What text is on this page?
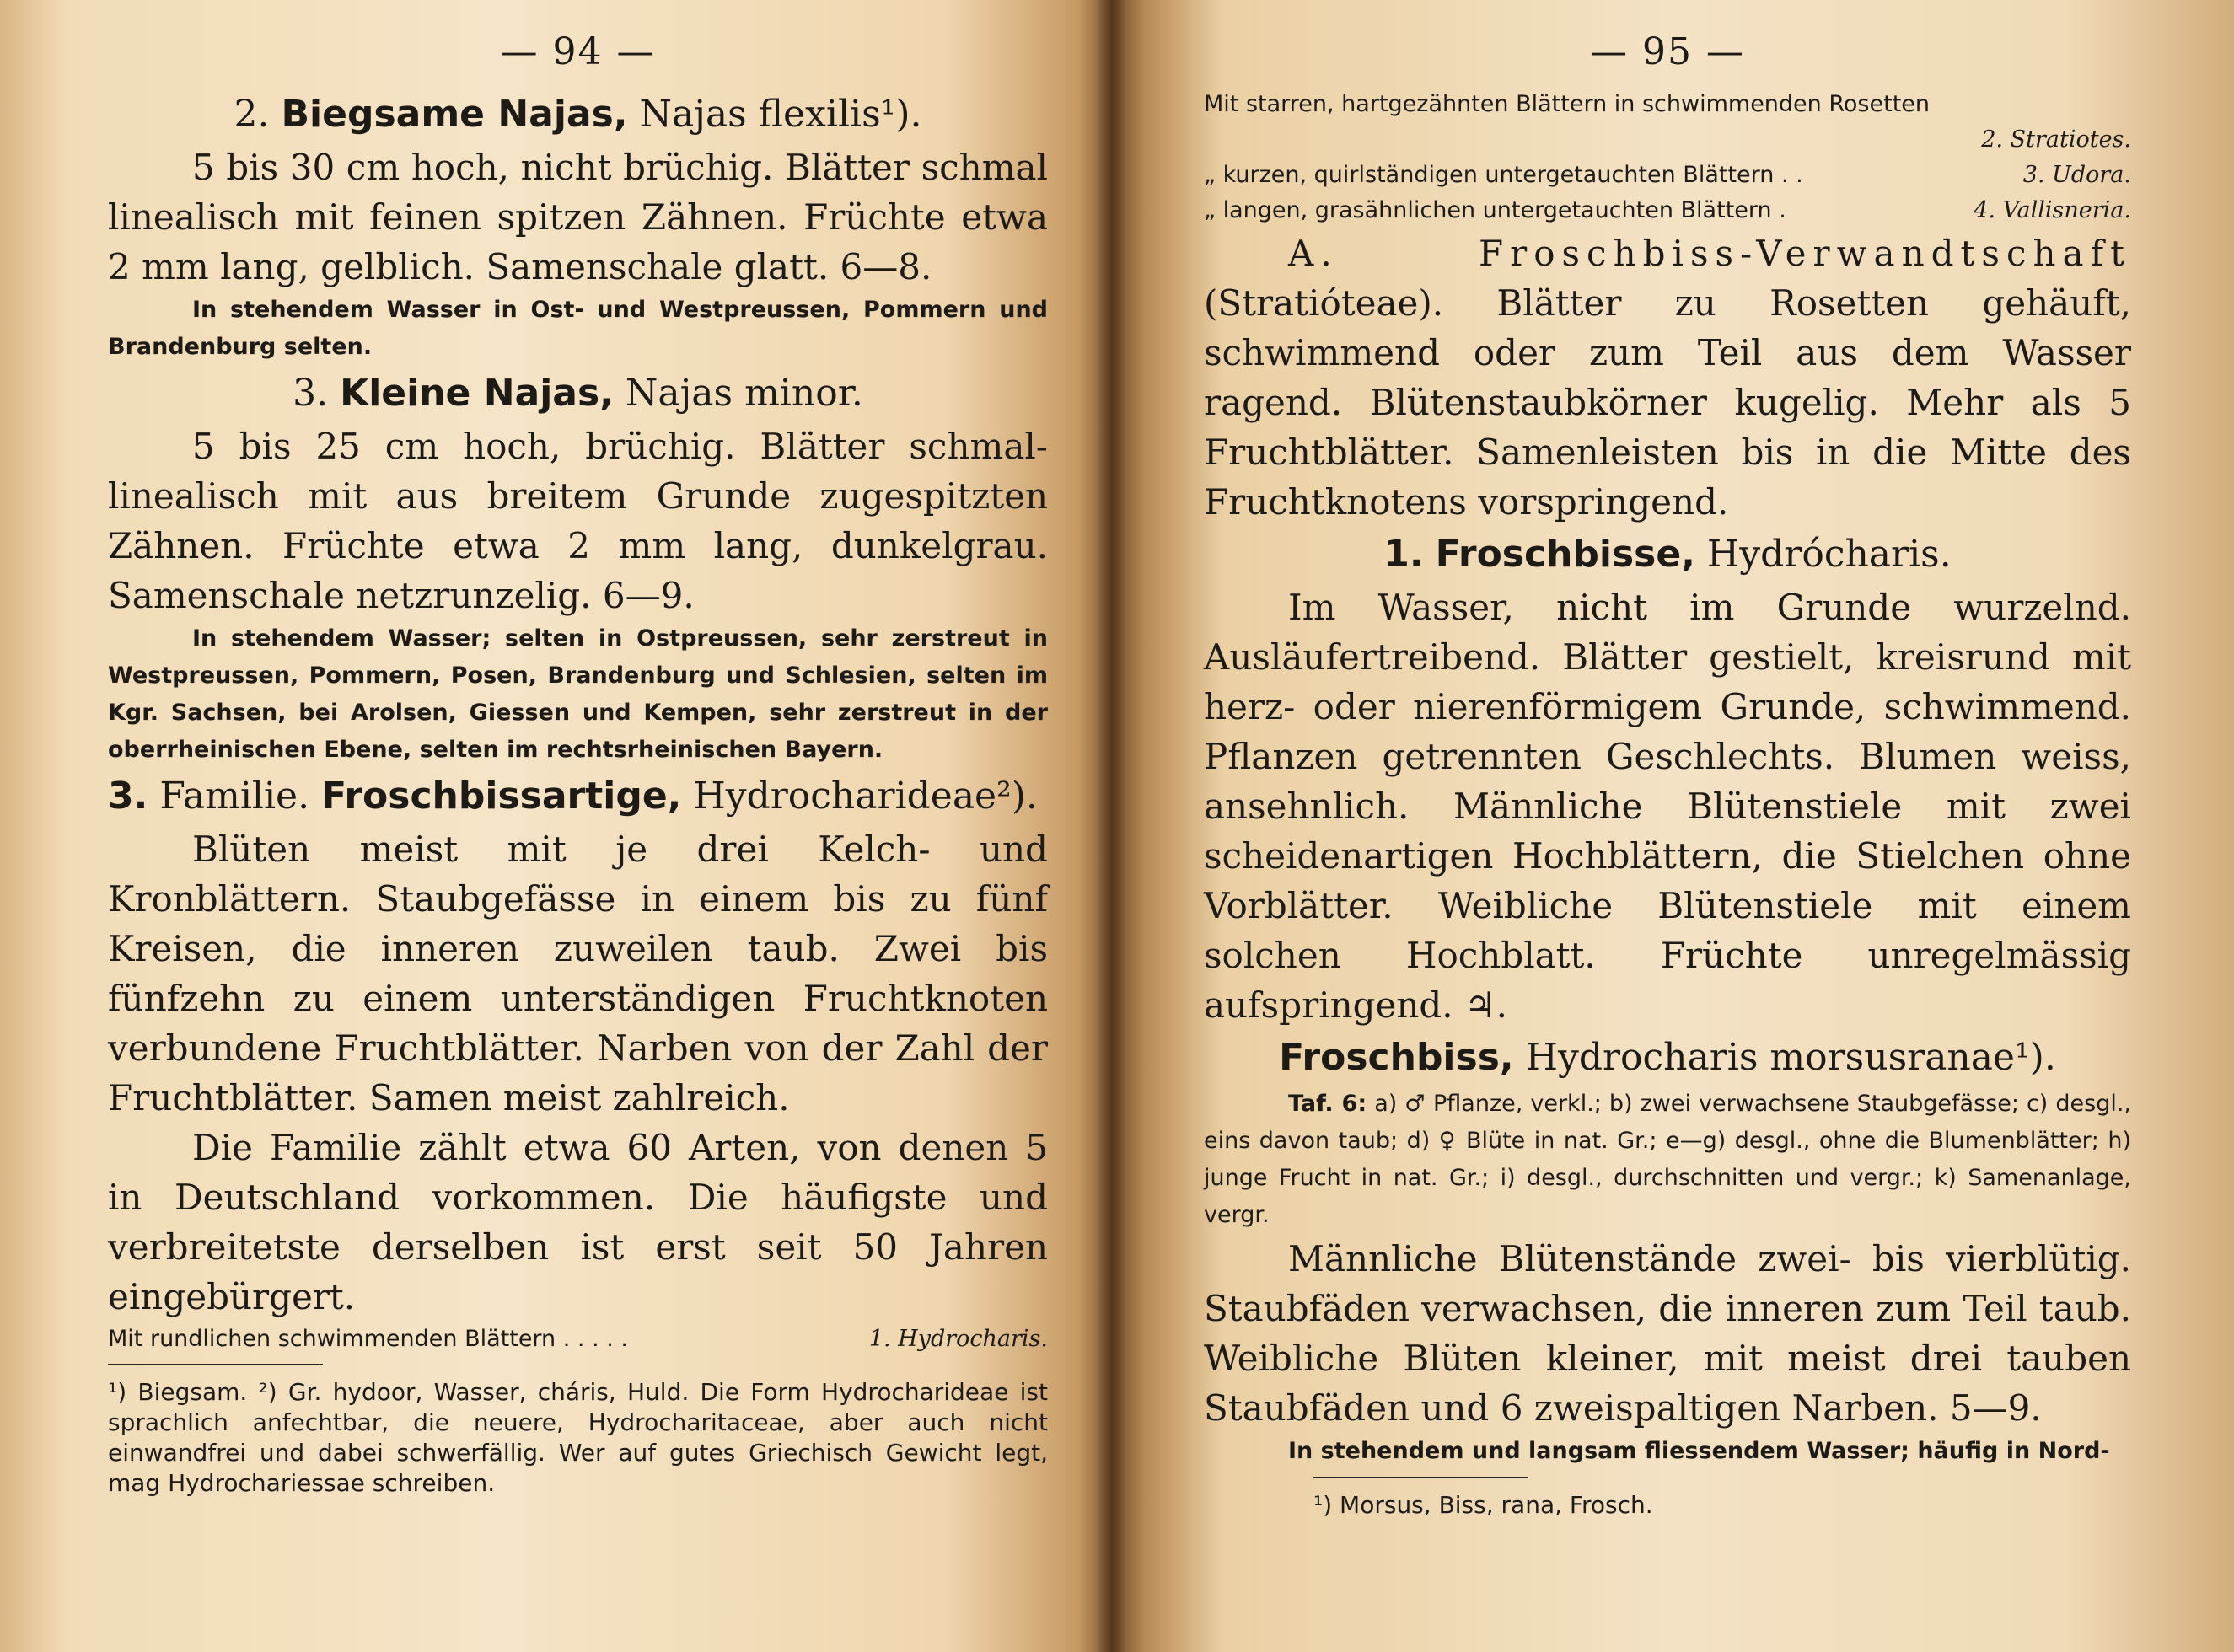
— 94 —

2. Biegsame Najas, Najas flexilis¹).

5 bis 30 cm hoch, nicht brüchig. Blätter schmal linealisch mit feinen spitzen Zähnen. Früchte etwa 2 mm lang, gelblich. Samenschale glatt. 6—8.

In stehendem Wasser in Ost- und Westpreussen, Pommern und Brandenburg selten.

3. Kleine Najas, Najas minor.

5 bis 25 cm hoch, brüchig. Blätter schmal-linealisch mit aus breitem Grunde zugespitzten Zähnen. Früchte etwa 2 mm lang, dunkelgrau. Samenschale netzrunzelig. 6—9.

In stehendem Wasser; selten in Ostpreussen, sehr zerstreut in Westpreussen, Pommern, Posen, Brandenburg und Schlesien, selten im Kgr. Sachsen, bei Arolsen, Giessen und Kempen, sehr zerstreut in der oberrheinischen Ebene, selten im rechtsrheinischen Bayern.

3. Familie. Froschbissartige, Hydrocharideae²).

Blüten meist mit je drei Kelch- und Kronblättern. Staubgefässe in einem bis zu fünf Kreisen, die inneren zuweilen taub. Zwei bis fünfzehn zu einem unterständigen Fruchtknoten verbundene Fruchtblätter. Narben von der Zahl der Fruchtblätter. Samen meist zahlreich.

Die Familie zählt etwa 60 Arten, von denen 5 in Deutschland vorkommen. Die häufigste und verbreitetste derselben ist erst seit 50 Jahren eingebürgert.

Mit rundlichen schwimmenden Blättern . . . . .	1. Hydrocharis.

¹) Biegsam. ²) Gr. hydoor, Wasser, cháris, Huld. Die Form Hydrocharideae ist sprachlich anfechtbar, die neuere, Hydrocharitaceae, aber auch nicht einwandfrei und dabei schwerfällig. Wer auf gutes Griechisch Gewicht legt, mag Hydrochariessae schreiben.

— 95 —
Mit starren, hartgezähnten Blättern in schwimmenden Rosetten
2. Stratiotes.
„ kurzen, quirlständigen untergetauchten Blättern . .	3. Udora.
„ langen, grasähnlichen untergetauchten Blättern .	4. Vallisneria.

A. Froschbiss-Verwandtschaft (Stratióteae). Blätter zu Rosetten gehäuft, schwimmend oder zum Teil aus dem Wasser ragend. Blütenstaubkörner kugelig. Mehr als 5 Fruchtblätter. Samenleisten bis in die Mitte des Fruchtknotens vorspringend.

1. Froschbisse, Hydrócharis.

Im Wasser, nicht im Grunde wurzelnd. Ausläufertreibend. Blätter gestielt, kreisrund mit herz- oder nierenförmigem Grunde, schwimmend. Pflanzen getrennten Geschlechts. Blumen weiss, ansehnlich. Männliche Blütenstiele mit zwei scheidenartigen Hochblättern, die Stielchen ohne Vorblätter. Weibliche Blütenstiele mit einem solchen Hochblatt. Früchte unregelmässig aufspringend. ♃.

Froschbiss, Hydrocharis morsusranae¹).

Taf. 6: a) ♂ Pflanze, verkl.; b) zwei verwachsene Staubgefässe; c) desgl., eins davon taub; d) ♀ Blüte in nat. Gr.; e—g) desgl., ohne die Blumenblätter; h) junge Frucht in nat. Gr.; i) desgl., durchschnitten und vergr.; k) Samenanlage, vergr.

Männliche Blütenstände zwei- bis vierblütig. Staubfäden verwachsen, die inneren zum Teil taub. Weibliche Blüten kleiner, mit meist drei tauben Staubfäden und 6 zweispaltigen Narben. 5—9.

In stehendem und langsam fliessendem Wasser; häufig in Nord-

¹) Morsus, Biss, rana, Frosch.
